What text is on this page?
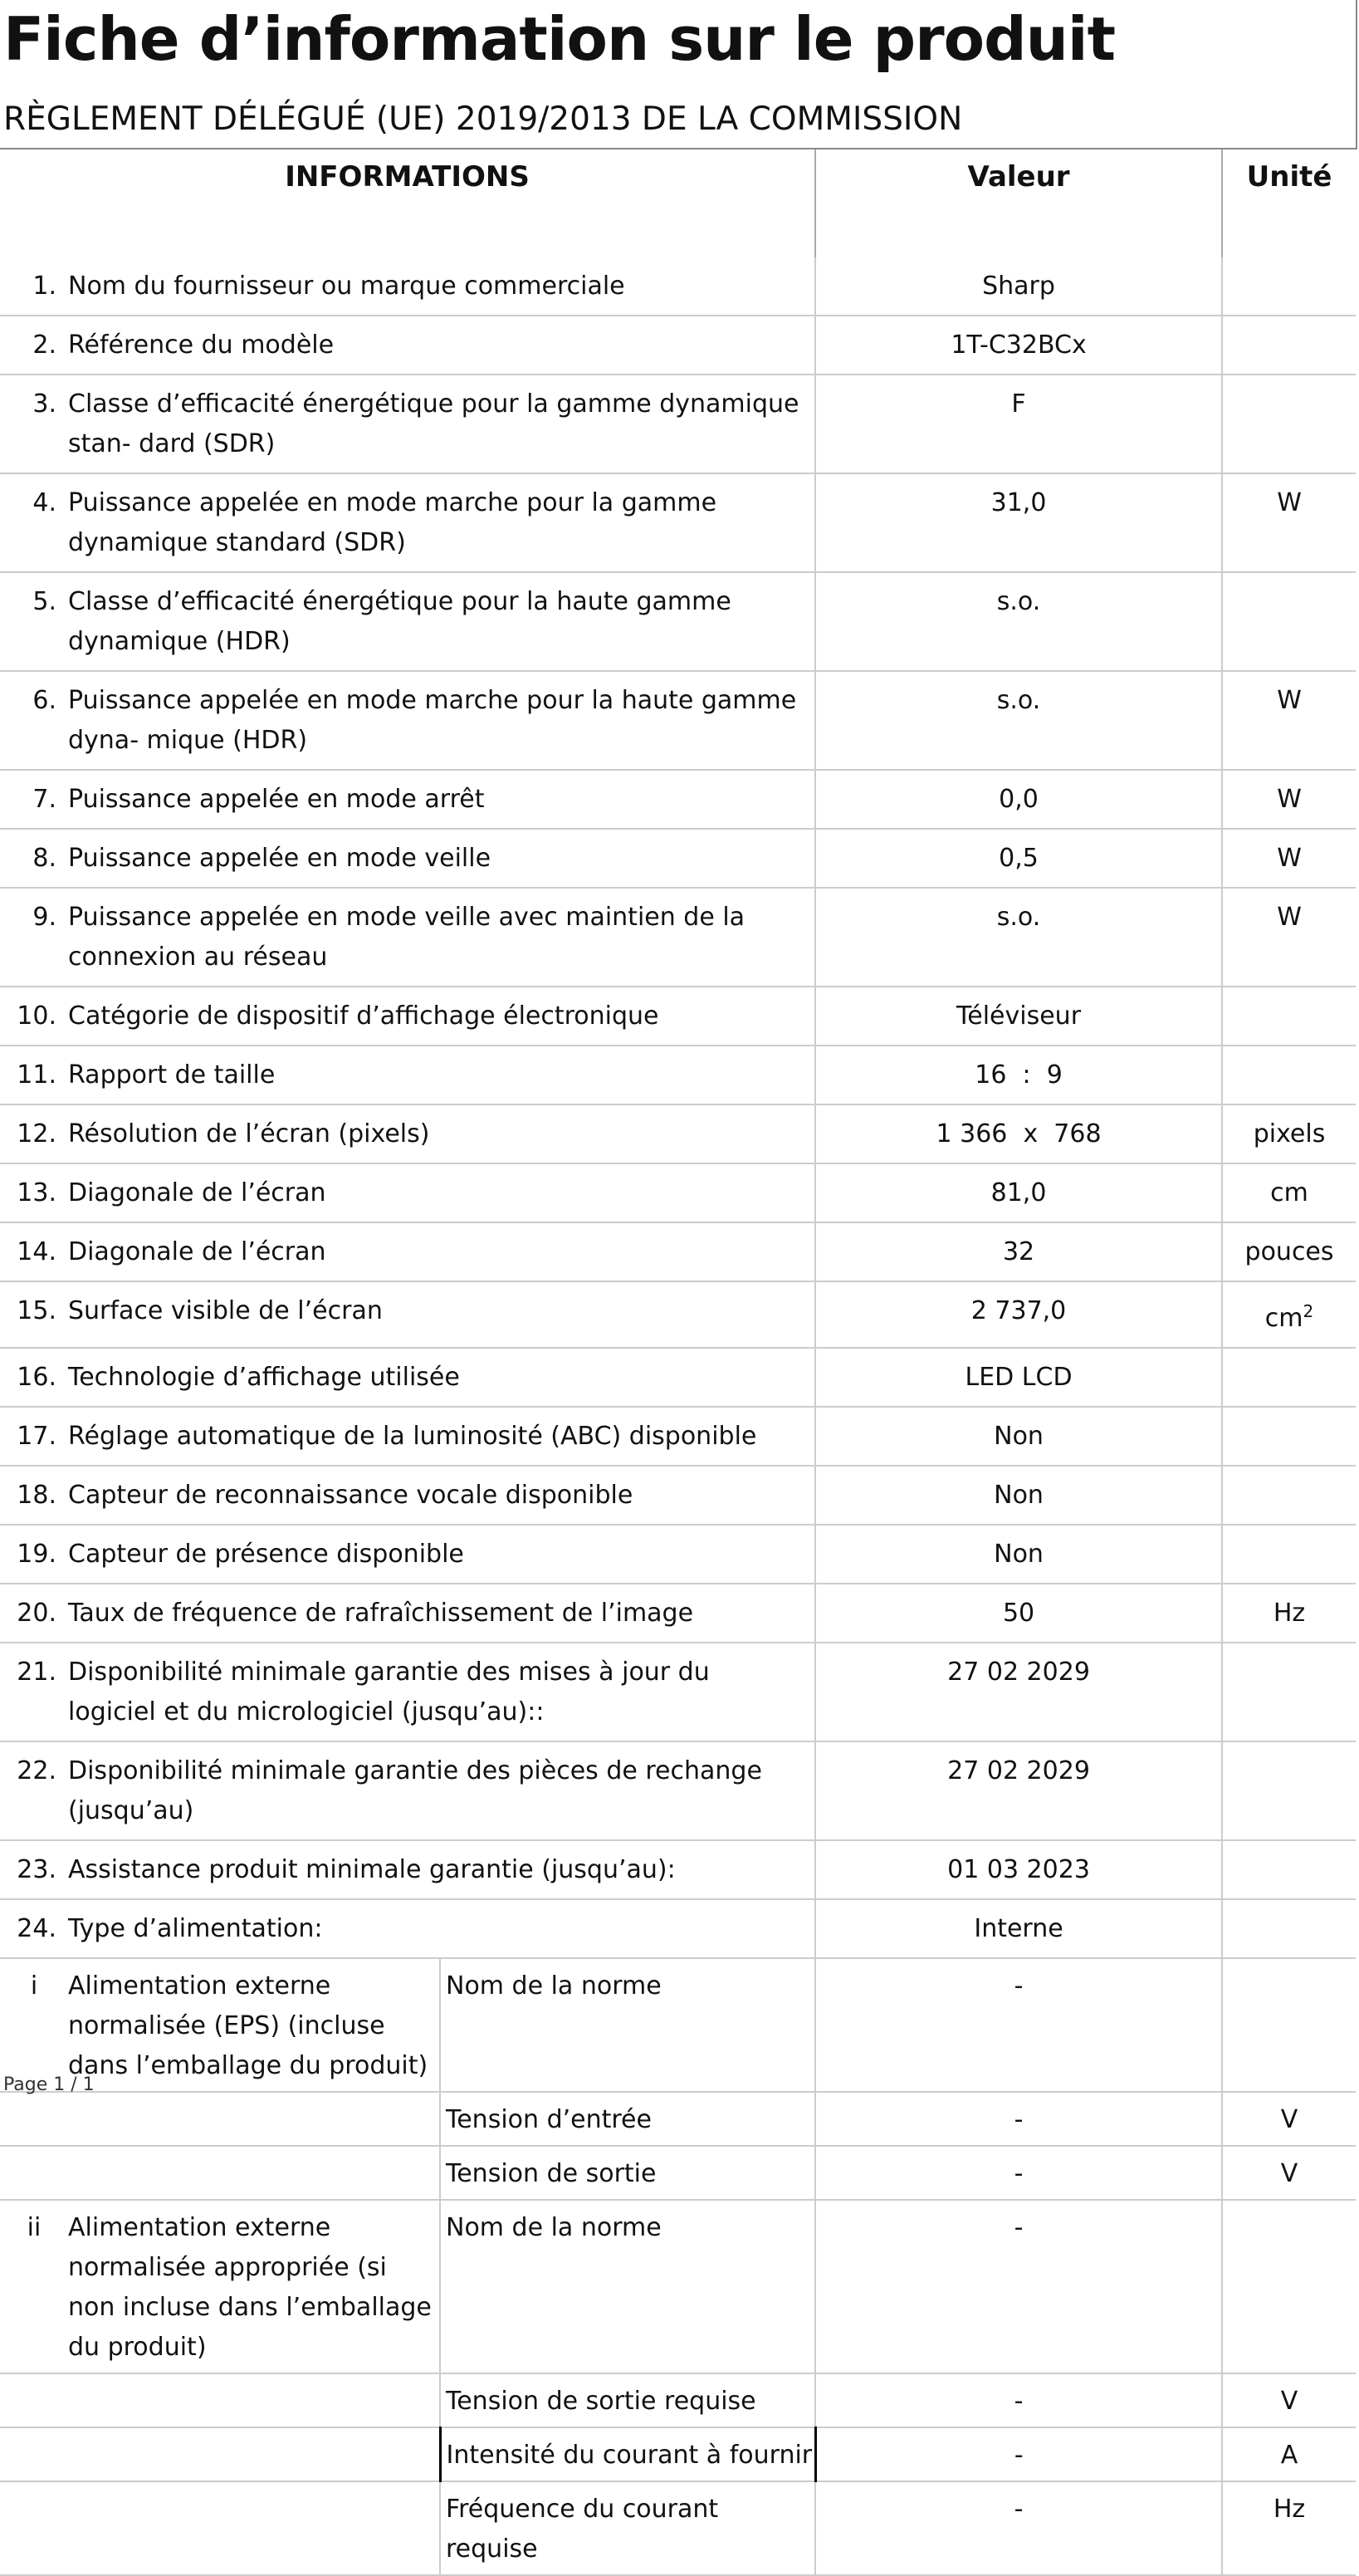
Fiche d’information sur le produit
RÈGLEMENT DÉLÉGUÉ (UE) 2019/2013 DE LA COMMISSION
INFORMATIONS			Valeur	Unité

1.	Nom du fournisseur ou marque commerciale		Sharp	
2.	Référence du modèle		1T-C32BCx	
3.	Classe d’efficacité énergétique pour la gamme dynamique stan- dard (SDR)		F	
4.	Puissance appelée en mode marche pour la gamme dynamique standard (SDR)		31,0	W
5.	Classe d’efficacité énergétique pour la haute gamme dynamique (HDR)		s.o.	
6.	Puissance appelée en mode marche pour la haute gamme dyna- mique (HDR)		s.o.	W
7.	Puissance appelée en mode arrêt		0,0	W
8.	Puissance appelée en mode veille		0,5	W
9.	Puissance appelée en mode veille avec maintien de la connexion au réseau		s.o.	W
10.	Catégorie de dispositif d’affichage électronique		Téléviseur	
11.	Rapport de taille		16  :  9	
12.	Résolution de l’écran (pixels)		1 366  x  768	pixels
13.	Diagonale de l’écran		81,0	cm
14.	Diagonale de l’écran		32	pouces
15.	Surface visible de l’écran		2 737,0	$cm^2$
16.	Technologie d’affichage utilisée		LED LCD	
17.	Réglage automatique de la luminosité (ABC) disponible		Non	
18.	Capteur de reconnaissance vocale disponible		Non	
19.	Capteur de présence disponible		Non	
20.	Taux de fréquence de rafraîchissement de l’image		50	Hz
21.	Disponibilité minimale garantie des mises à jour du logiciel et du micrologiciel (jusqu’au)::		27 02 2029	
22.	Disponibilité minimale garantie des pièces de rechange (jusqu’au)		27 02 2029	
23.	Assistance produit minimale garantie (jusqu’au):		01 03 2023	
24.	Type d’alimentation:		Interne	
i	Alimentation externe normalisée (EPS) (incluse dans l’emballage du produit)	Nom de la norme	-	
		Tension d’entrée	-	V
		Tension de sortie	-	V
ii	Alimentation externe normalisée appropriée (si non incluse dans l’emballage du produit)	Nom de la norme	-	
		Tension de sortie requise	-	V
		Intensité du courant à fournir	-	A
		Fréquence du courant requise	-	Hz
Page 1 / 1
